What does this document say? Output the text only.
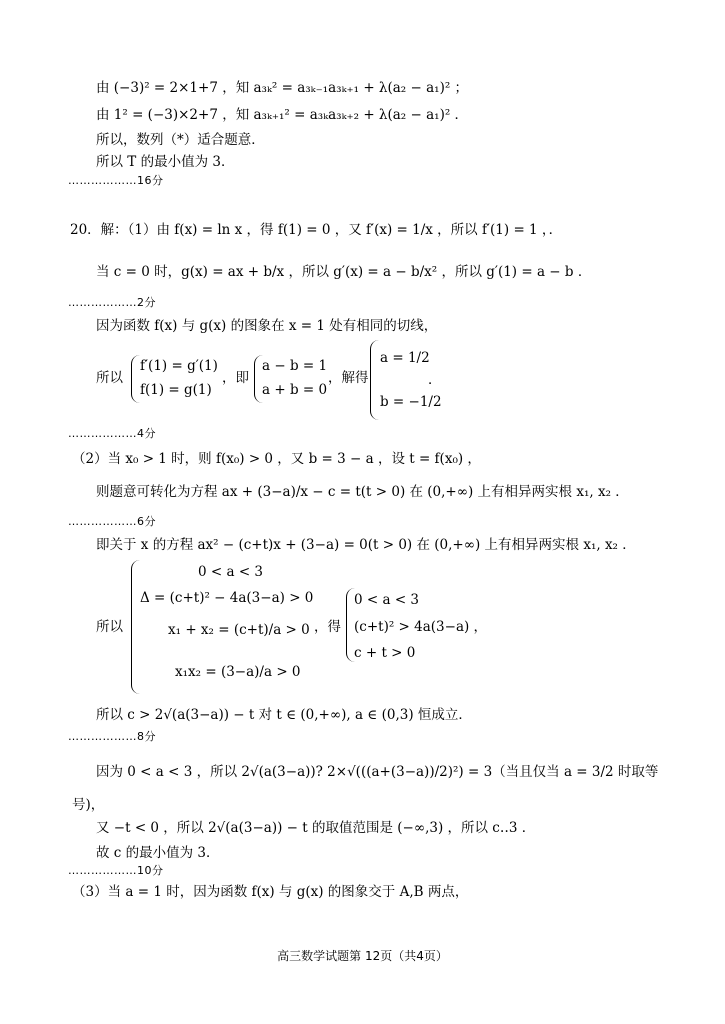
由 (−3)² = 2×1+7 ，知 a₃ₖ² = a₃ₖ₋₁a₃ₖ₊₁ + λ(a₂ − a₁)² ；
由 1² = (−3)×2+7 ，知 a₃ₖ₊₁² = a₃ₖa₃ₖ₊₂ + λ(a₂ − a₁)² ．
所以，数列（*）适合题意．
所以 T 的最小值为 3．
………………16分
20．解：（1）由 f(x) = ln x ，得 f(1) = 0 ，又 f′(x) = 1/x ，所以 f′(1) = 1 ，．
当 c = 0 时，g(x) = ax + b/x ，所以 g′(x) = a − b/x² ，所以 g′(1) = a − b ．
………………2分
因为函数 f(x) 与 g(x) 的图象在 x = 1 处有相同的切线，
所以
f′(1) = g′(1)
f(1) = g(1)
，即
a − b = 1
a + b = 0
，解得
a = 1/2
b = −1/2
．
………………4分
（2）当 x₀ > 1 时，则 f(x₀) > 0 ，又 b = 3 − a ，设 t = f(x₀) ，
则题意可转化为方程 ax + (3−a)/x − c = t(t > 0) 在 (0,+∞) 上有相异两实根 x₁, x₂ ．
………………6分
即关于 x 的方程 ax² − (c+t)x + (3−a) = 0(t > 0) 在 (0,+∞) 上有相异两实根 x₁, x₂ ．
所以
0 < a < 3
Δ = (c+t)² − 4a(3−a) > 0
x₁ + x₂ = (c+t)/a > 0
x₁x₂ = (3−a)/a > 0
，得
0 < a < 3
(c+t)² > 4a(3−a) ，
c + t > 0
所以 c > 2√(a(3−a)) − t 对 t ∈ (0,+∞), a ∈ (0,3) 恒成立．
………………8分
因为 0 < a < 3 ，所以 2√(a(3−a))? 2×√(((a+(3−a))/2)²) = 3（当且仅当 a = 3/2 时取等
号)，
又 −t < 0 ，所以 2√(a(3−a)) − t 的取值范围是 (−∞,3) ，所以 c‥3 ．
故 c 的最小值为 3．
………………10分
（3）当 a = 1 时，因为函数 f(x) 与 g(x) 的图象交于 A,B 两点，
高三数学试题第 12页（共4页）
